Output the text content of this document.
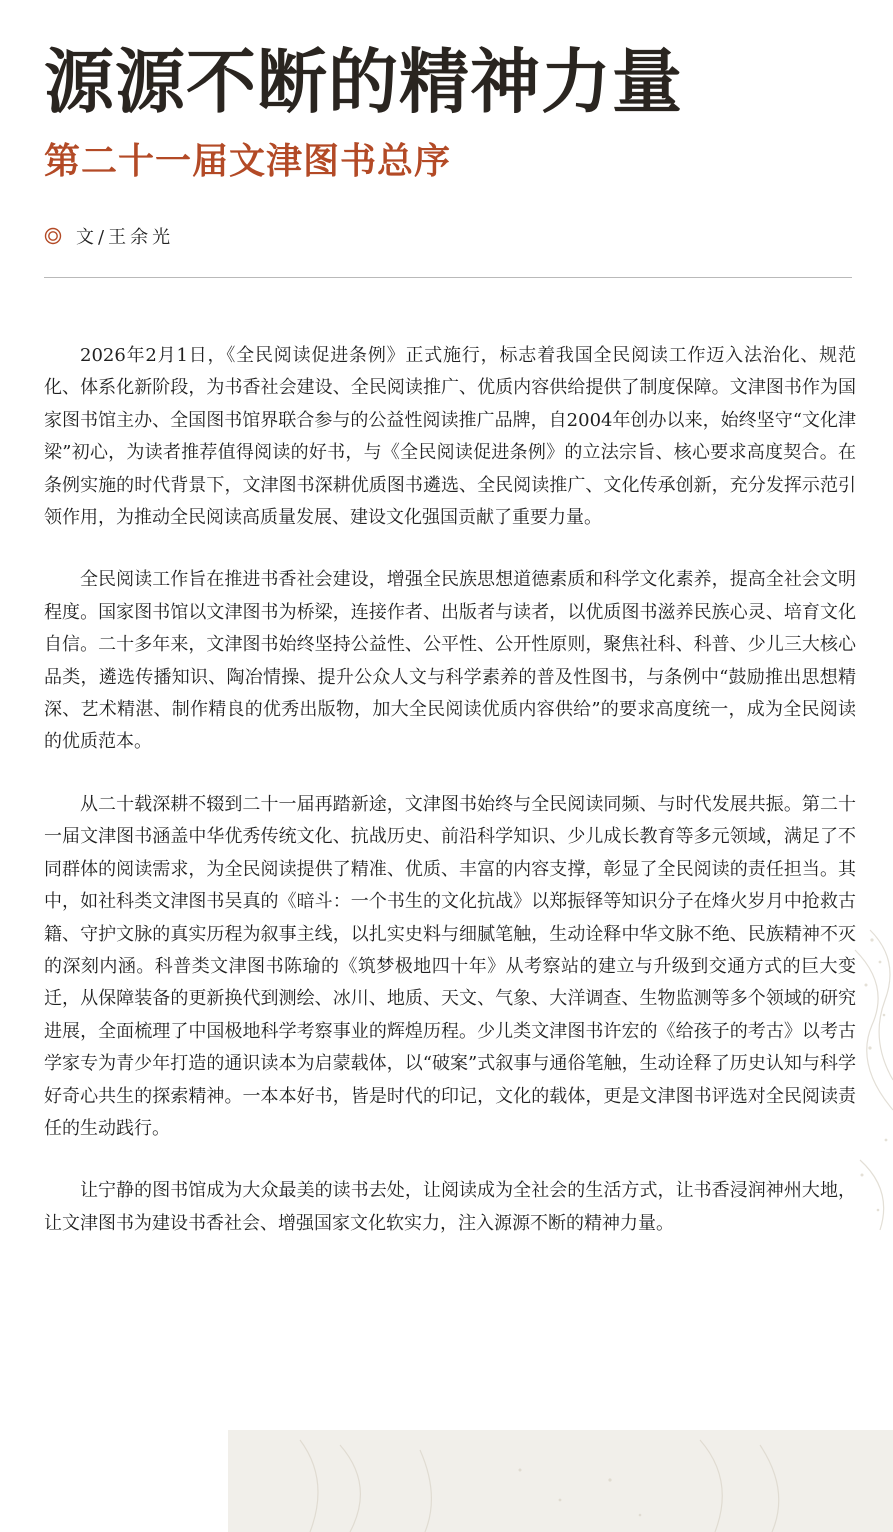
源源不断的精神力量
第二十一届文津图书总序
文/王余光

2026年2月1日，《全民阅读促进条例》正式施行，标志着我国全民阅读工作迈入法治化、规范化、体系化新阶段，为书香社会建设、全民阅读推广、优质内容供给提供了制度保障。文津图书作为国家图书馆主办、全国图书馆界联合参与的公益性阅读推广品牌，自2004年创办以来，始终坚守“文化津梁”初心，为读者推荐值得阅读的好书，与《全民阅读促进条例》的立法宗旨、核心要求高度契合。在条例实施的时代背景下，文津图书深耕优质图书遴选、全民阅读推广、文化传承创新，充分发挥示范引领作用，为推动全民阅读高质量发展、建设文化强国贡献了重要力量。

全民阅读工作旨在推进书香社会建设，增强全民族思想道德素质和科学文化素养，提高全社会文明程度。国家图书馆以文津图书为桥梁，连接作者、出版者与读者，以优质图书滋养民族心灵、培育文化自信。二十多年来，文津图书始终坚持公益性、公平性、公开性原则，聚焦社科、科普、少儿三大核心品类，遴选传播知识、陶冶情操、提升公众人文与科学素养的普及性图书，与条例中“鼓励推出思想精深、艺术精湛、制作精良的优秀出版物，加大全民阅读优质内容供给”的要求高度统一，成为全民阅读的优质范本。

从二十载深耕不辍到二十一届再踏新途，文津图书始终与全民阅读同频、与时代发展共振。第二十一届文津图书涵盖中华优秀传统文化、抗战历史、前沿科学知识、少儿成长教育等多元领域，满足了不同群体的阅读需求，为全民阅读提供了精准、优质、丰富的内容支撑，彰显了全民阅读的责任担当。其中，如社科类文津图书吴真的《暗斗：一个书生的文化抗战》以郑振铎等知识分子在烽火岁月中抢救古籍、守护文脉的真实历程为叙事主线，以扎实史料与细腻笔触，生动诠释中华文脉不绝、民族精神不灭的深刻内涵。科普类文津图书陈瑜的《筑梦极地四十年》从考察站的建立与升级到交通方式的巨大变迁，从保障装备的更新换代到测绘、冰川、地质、天文、气象、大洋调查、生物监测等多个领域的研究进展，全面梳理了中国极地科学考察事业的辉煌历程。少儿类文津图书许宏的《给孩子的考古》以考古学家专为青少年打造的通识读本为启蒙载体，以“破案”式叙事与通俗笔触，生动诠释了历史认知与科学好奇心共生的探索精神。一本本好书，皆是时代的印记，文化的载体，更是文津图书评选对全民阅读责任的生动践行。

让宁静的图书馆成为大众最美的读书去处，让阅读成为全社会的生活方式，让书香浸润神州大地，让文津图书为建设书香社会、增强国家文化软实力，注入源源不断的精神力量。
